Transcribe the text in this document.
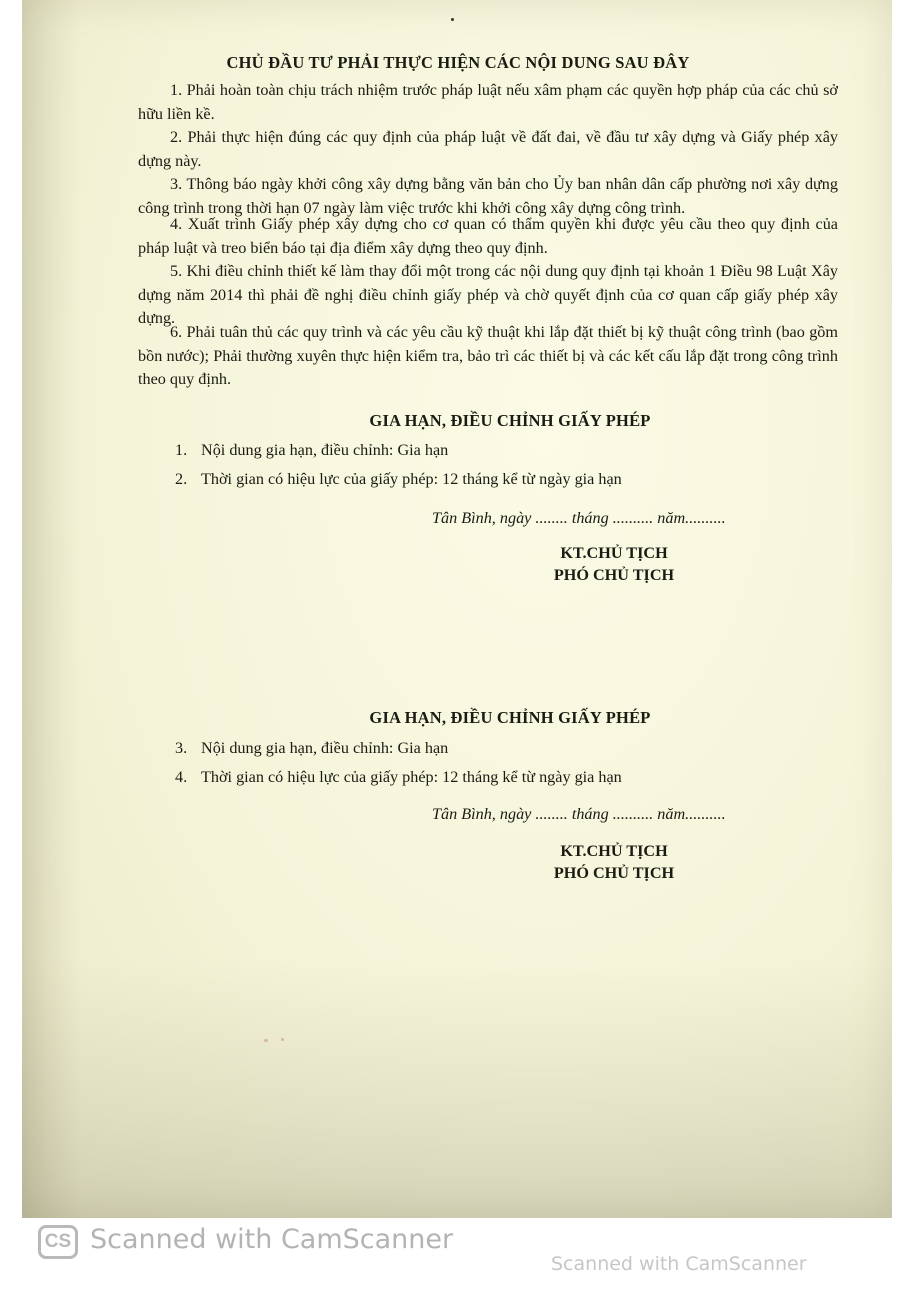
CHỦ ĐẦU TƯ PHẢI THỰC HIỆN CÁC NỘI DUNG SAU ĐÂY
1. Phải hoàn toàn chịu trách nhiệm trước pháp luật nếu xâm phạm các quyền hợp pháp của các chủ sở hữu liền kề.
2. Phải thực hiện đúng các quy định của pháp luật về đất đai, về đầu tư xây dựng và Giấy phép xây dựng này.
3. Thông báo ngày khởi công xây dựng bằng văn bản cho Ủy ban nhân dân cấp phường nơi xây dựng công trình trong thời hạn 07 ngày làm việc trước khi khởi công xây dựng công trình.
4. Xuất trình Giấy phép xây dựng cho cơ quan có thẩm quyền khi được yêu cầu theo quy định của pháp luật và treo biển báo tại địa điểm xây dựng theo quy định.
5. Khi điều chỉnh thiết kế làm thay đổi một trong các nội dung quy định tại khoản 1 Điều 98 Luật Xây dựng năm 2014 thì phải đề nghị điều chỉnh giấy phép và chờ quyết định của cơ quan cấp giấy phép xây dựng.
6. Phải tuân thủ các quy trình và các yêu cầu kỹ thuật khi lắp đặt thiết bị kỹ thuật công trình (bao gồm bồn nước); Phải thường xuyên thực hiện kiểm tra, bảo trì các thiết bị và các kết cấu lắp đặt trong công trình theo quy định.
GIA HẠN, ĐIỀU CHỈNH GIẤY PHÉP
1. Nội dung gia hạn, điều chỉnh: Gia hạn
2. Thời gian có hiệu lực của giấy phép: 12 tháng kể từ ngày gia hạn
Tân Bình, ngày ........ tháng .......... năm..........
KT.CHỦ TỊCH
PHÓ CHỦ TỊCH
GIA HẠN, ĐIỀU CHỈNH GIẤY PHÉP
3. Nội dung gia hạn, điều chỉnh: Gia hạn
4. Thời gian có hiệu lực của giấy phép: 12 tháng kể từ ngày gia hạn
Tân Bình, ngày ........ tháng .......... năm..........
KT.CHỦ TỊCH
PHÓ CHỦ TỊCH
CS Scanned with CamScanner
Scanned with CamScanner
